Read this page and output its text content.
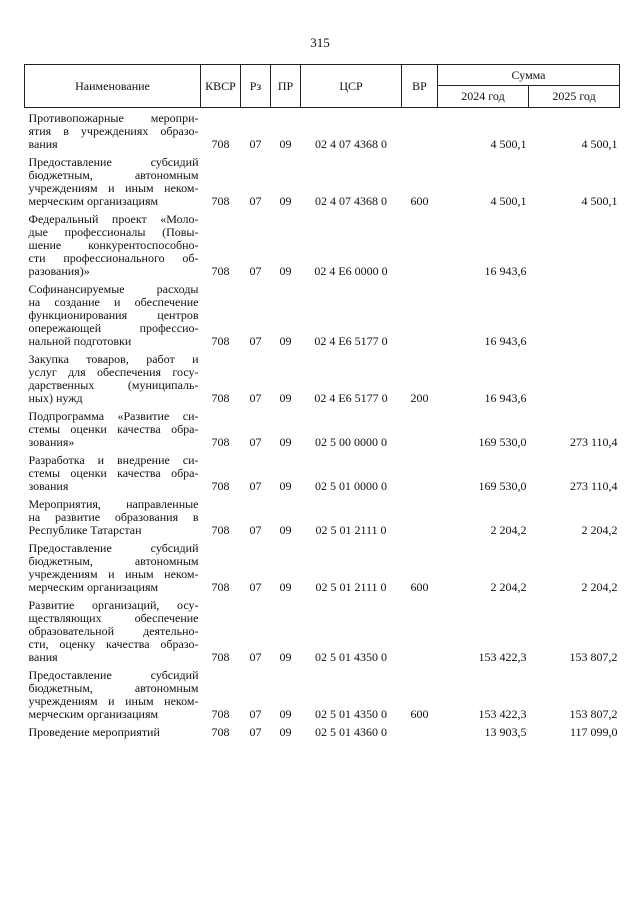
315
Наименование	КВСР	Рз	ПР	ЦСР	ВР	Сумма	
						2024 год	2025 год

Противопожарные меропри-
ятия в учреждениях образо-
вания	708	07	09	02 4 07 4368 0		4 500,1	4 500,1

Предоставление субсидий
бюджетным, автономным
учреждениям и иным неком-
мерческим организациям	708	07	09	02 4 07 4368 0	600	4 500,1	4 500,1

Федеральный проект «Моло-
дые профессионалы (Повы-
шение конкурентоспособно-
сти профессионального об-
разования)»	708	07	09	02 4 E6 0000 0		16 943,6	

Софинансируемые расходы
на создание и обеспечение
функционирования центров
опережающей профессио-
нальной подготовки	708	07	09	02 4 E6 5177 0		16 943,6	

Закупка товаров, работ и
услуг для обеспечения госу-
дарственных (муниципаль-
ных) нужд	708	07	09	02 4 E6 5177 0	200	16 943,6	

Подпрограмма «Развитие си-
стемы оценки качества обра-
зования»	708	07	09	02 5 00 0000 0		169 530,0	273 110,4

Разработка и внедрение си-
стемы оценки качества обра-
зования	708	07	09	02 5 01 0000 0		169 530,0	273 110,4

Мероприятия, направленные
на развитие образования в
Республике Татарстан	708	07	09	02 5 01 2111 0		2 204,2	2 204,2

Предоставление субсидий
бюджетным, автономным
учреждениям и иным неком-
мерческим организациям	708	07	09	02 5 01 2111 0	600	2 204,2	2 204,2

Развитие организаций, осу-
ществляющих обеспечение
образовательной деятельно-
сти, оценку качества образо-
вания	708	07	09	02 5 01 4350 0		153 422,3	153 807,2

Предоставление субсидий
бюджетным, автономным
учреждениям и иным неком-
мерческим организациям	708	07	09	02 5 01 4350 0	600	153 422,3	153 807,2

Проведение мероприятий	708	07	09	02 5 01 4360 0		13 903,5	117 099,0
